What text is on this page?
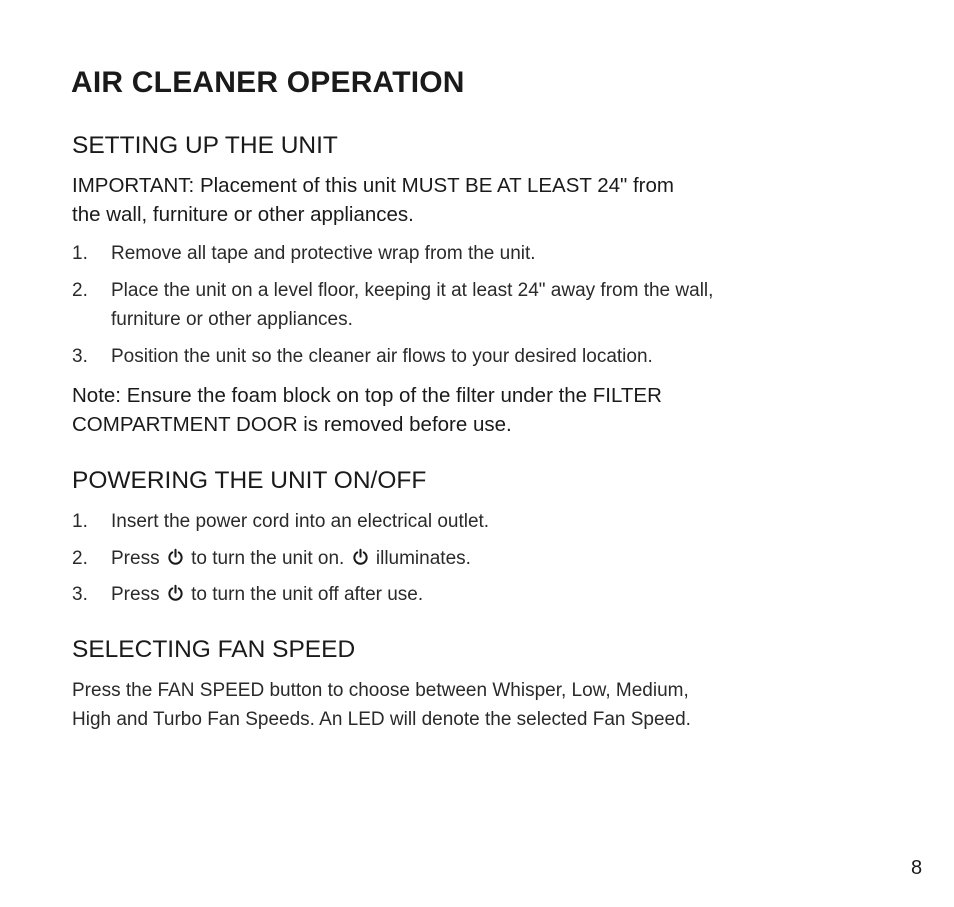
AIR CLEANER OPERATION
SETTING UP THE UNIT
IMPORTANT: Placement of this unit MUST BE AT LEAST 24" from
the wall, furniture or other appliances.
1. Remove all tape and protective wrap from the unit.
2. Place the unit on a level floor, keeping it at least 24" away from the wall,
furniture or other appliances.
3. Position the unit so the cleaner air flows to your desired location.
Note: Ensure the foam block on top of the filter under the FILTER
COMPARTMENT DOOR is removed before use.
POWERING THE UNIT ON/OFF
1. Insert the power cord into an electrical outlet.
2. Press to turn the unit on. illuminates.
3. Press to turn the unit off after use.
SELECTING FAN SPEED
Press the FAN SPEED button to choose between Whisper, Low, Medium,
High and Turbo Fan Speeds. An LED will denote the selected Fan Speed.
8
